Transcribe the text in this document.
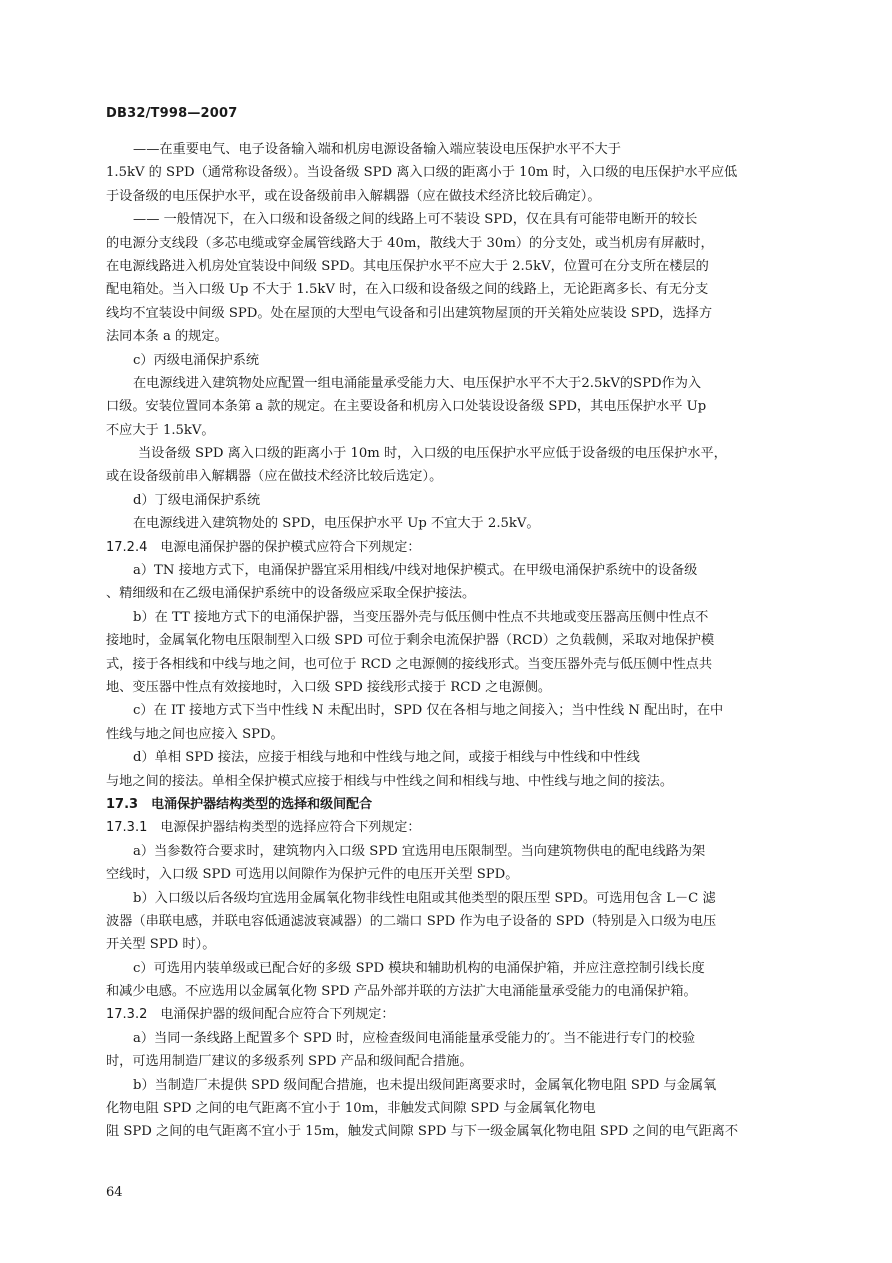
DB32/T998—2007
——在重要电气、电子设备输入端和机房电源设备输入端应装设电压保护水平不大于
1.5kV 的 SPD（通常称设备级）。当设备级 SPD 离入口级的距离小于 10m 时，入口级的电压保护水平应低
于设备级的电压保护水平，或在设备级前串入解耦器（应在做技术经济比较后确定）。
—— 一般情况下，在入口级和设备级之间的线路上可不装设 SPD，仅在具有可能带电断开的较长
的电源分支线段（多芯电缆或穿金属管线路大于 40m，散线大于 30m）的分支处，或当机房有屏蔽时，
在电源线路进入机房处宜装设中间级 SPD。其电压保护水平不应大于 2.5kV，位置可在分支所在楼层的
配电箱处。当入口级 Up 不大于 1.5kV 时，在入口级和设备级之间的线路上，无论距离多长、有无分支
线均不宜装设中间级 SPD。处在屋顶的大型电气设备和引出建筑物屋顶的开关箱处应装设 SPD，选择方
法同本条 a 的规定。
c）丙级电涌保护系统
在电源线进入建筑物处应配置一组电涌能量承受能力大、电压保护水平不大于2.5kV的SPD作为入
口级。安装位置同本条第 a 款的规定。在主要设备和机房入口处装设设备级 SPD，其电压保护水平 Up
不应大于 1.5kV。
当设备级 SPD 离入口级的距离小于 10m 时，入口级的电压保护水平应低于设备级的电压保护水平，
或在设备级前串入解耦器（应在做技术经济比较后选定）。
d）丁级电涌保护系统
在电源线进入建筑物处的 SPD，电压保护水平 Up 不宜大于 2.5kV。
17.2.4　电源电涌保护器的保护模式应符合下列规定：
a）TN 接地方式下，电涌保护器宜采用相线/中线对地保护模式。在甲级电涌保护系统中的设备级
、精细级和在乙级电涌保护系统中的设备级应采取全保护接法。
b）在 TT 接地方式下的电涌保护器，当变压器外壳与低压侧中性点不共地或变压器高压侧中性点不
接地时，金属氧化物电压限制型入口级 SPD 可位于剩余电流保护器（RCD）之负载侧，采取对地保护模
式，接于各相线和中线与地之间，也可位于 RCD 之电源侧的接线形式。当变压器外壳与低压侧中性点共
地、变压器中性点有效接地时，入口级 SPD 接线形式接于 RCD 之电源侧。
c）在 IT 接地方式下当中性线 N 未配出时，SPD 仅在各相与地之间接入；当中性线 N 配出时，在中
性线与地之间也应接入 SPD。
d）单相 SPD 接法，应接于相线与地和中性线与地之间，或接于相线与中性线和中性线
与地之间的接法。单相全保护模式应接于相线与中性线之间和相线与地、中性线与地之间的接法。
17.3　电涌保护器结构类型的选择和级间配合
17.3.1　电源保护器结构类型的选择应符合下列规定：
a）当参数符合要求时，建筑物内入口级 SPD 宜选用电压限制型。当向建筑物供电的配电线路为架
空线时，入口级 SPD 可选用以间隙作为保护元件的电压开关型 SPD。
b）入口级以后各级均宜选用金属氧化物非线性电阻或其他类型的限压型 SPD。可选用包含 L－C 滤
波器（串联电感，并联电容低通滤波衰减器）的二端口 SPD 作为电子设备的 SPD（特别是入口级为电压
开关型 SPD 时）。
c）可选用内装单级或已配合好的多级 SPD 模块和辅助机构的电涌保护箱，并应注意控制引线长度
和减少电感。不应选用以金属氧化物 SPD 产品外部并联的方法扩大电涌能量承受能力的电涌保护箱。
17.3.2　电涌保护器的级间配合应符合下列规定：
a）当同一条线路上配置多个 SPD 时，应检查级间电涌能量承受能力的′。当不能进行专门的校验
时，可选用制造厂建议的多级系列 SPD 产品和级间配合措施。
b）当制造厂未提供 SPD 级间配合措施，也未提出级间距离要求时，金属氧化物电阻 SPD 与金属氧
化物电阻 SPD 之间的电气距离不宜小于 10m，非触发式间隙 SPD 与金属氧化物电
阻 SPD 之间的电气距离不宜小于 15m，触发式间隙 SPD 与下一级金属氧化物电阻 SPD 之间的电气距离不
64
